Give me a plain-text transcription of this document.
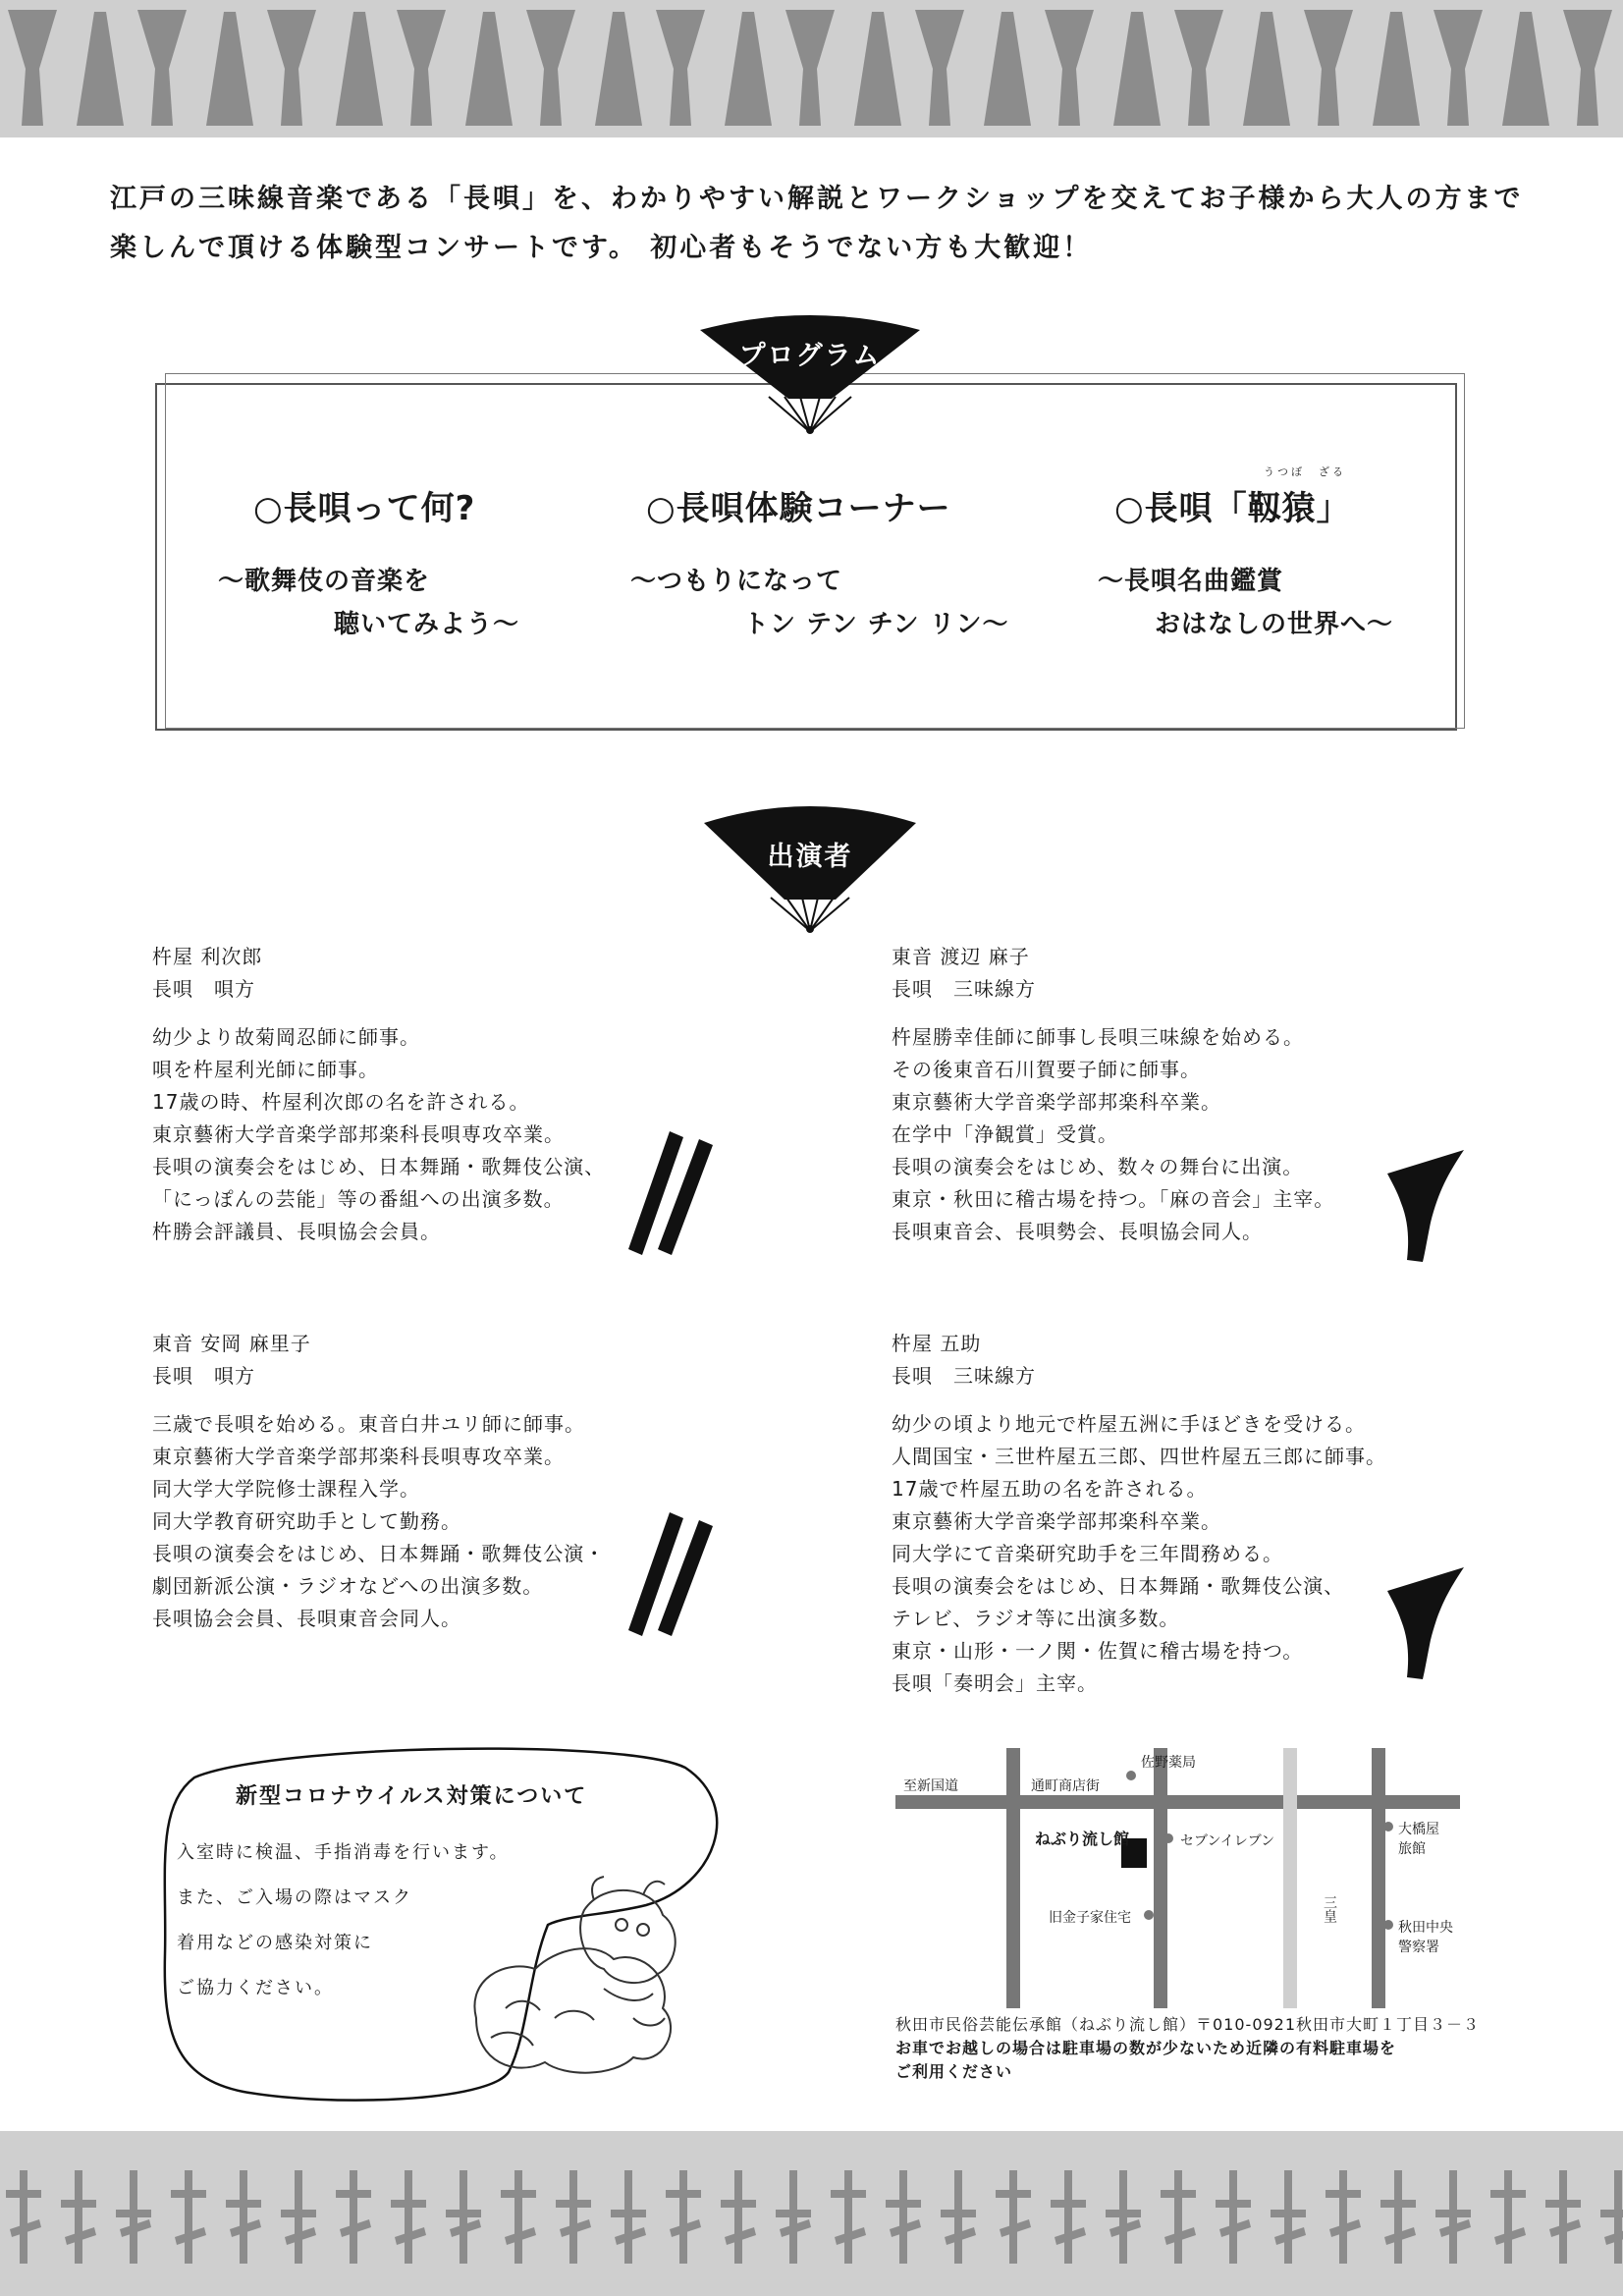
江戸の三味線音楽である「長唄」を、わかりやすい解説とワークショップを交えてお子様から大人の方まで

楽しんで頂ける体験型コンサートです。 初心者もそうでない方も大歓迎！

プログラム
○長唄って何?
～歌舞伎の音楽を
聴いてみよう～
○長唄体験コーナー
～つもりになって
トン テン チン リン～
うつぼ　ざる
○長唄「靱猿」
～長唄名曲鑑賞
おはなしの世界へ～
出演者

杵屋 利次郎

長唄　唄方

幼少より故菊岡忍師に師事。

唄を杵屋利光師に師事。

17歳の時、杵屋利次郎の名を許される。

東京藝術大学音楽学部邦楽科長唄専攻卒業。

長唄の演奏会をはじめ、日本舞踊・歌舞伎公演、

「にっぽんの芸能」等の番組への出演多数。

杵勝会評議員、長唄協会会員。

東音 渡辺 麻子

長唄　三味線方

杵屋勝幸佳師に師事し長唄三味線を始める。

その後東音石川賀要子師に師事。

東京藝術大学音楽学部邦楽科卒業。

在学中「浄観賞」受賞。

長唄の演奏会をはじめ、数々の舞台に出演。

東京・秋田に稽古場を持つ。「麻の音会」主宰。

長唄東音会、長唄勢会、長唄協会同人。

東音 安岡 麻里子

長唄　唄方

三歳で長唄を始める。東音白井ユリ師に師事。

東京藝術大学音楽学部邦楽科長唄専攻卒業。

同大学大学院修士課程入学。

同大学教育研究助手として勤務。

長唄の演奏会をはじめ、日本舞踊・歌舞伎公演・

劇団新派公演・ラジオなどへの出演多数。

長唄協会会員、長唄東音会同人。

杵屋 五助

長唄　三味線方

幼少の頃より地元で杵屋五洲に手ほどきを受ける。

人間国宝・三世杵屋五三郎、四世杵屋五三郎に師事。

17歳で杵屋五助の名を許される。

東京藝術大学音楽学部邦楽科卒業。

同大学にて音楽研究助手を三年間務める。

長唄の演奏会をはじめ、日本舞踊・歌舞伎公演、

テレビ、ラジオ等に出演多数。

東京・山形・一ノ関・佐賀に稽古場を持つ。

長唄「奏明会」主宰。

新型コロナウイルス対策について
入室時に検温、手指消毒を行います。
また、ご入場の際はマスク
着用などの感染対策に
ご協力ください。
至新国道	通町商店街
佐野薬局
ねぶり流し館	セブンイレブン
旧金子家住宅
大橋屋
旅館
秋田中央
警察署
三皇

秋田市民俗芸能伝承館（ねぶり流し館）〒010-0921秋田市大町１丁目３－３

お車でお越しの場合は駐車場の数が少ないため近隣の有料駐車場を

ご利用ください
